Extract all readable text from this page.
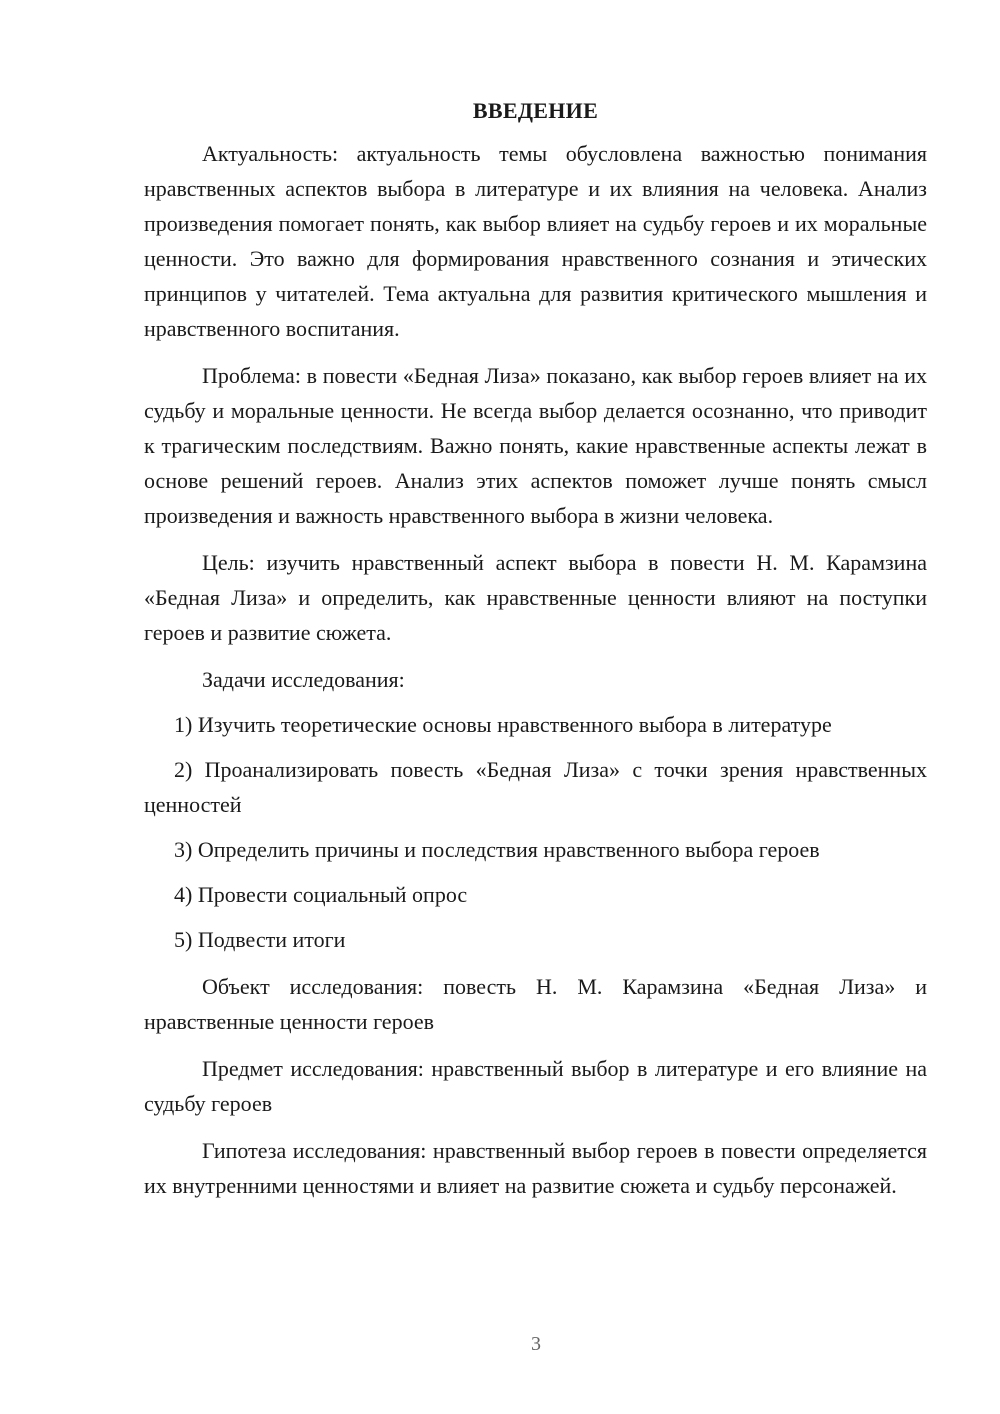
ВВЕДЕНИЕ

Актуальность: актуальность темы обусловлена важностью понимания нравственных аспектов выбора в литературе и их влияния на человека. Анализ произведения помогает понять, как выбор влияет на судьбу героев и их моральные ценности. Это важно для формирования нравственного сознания и этических принципов у читателей. Тема актуальна для развития критического мышления и нравственного воспитания.

Проблема: в повести «Бедная Лиза» показано, как выбор героев влияет на их судьбу и моральные ценности. Не всегда выбор делается осознанно, что приводит к трагическим последствиям. Важно понять, какие нравственные аспекты лежат в основе решений героев. Анализ этих аспектов поможет лучше понять смысл произведения и важность нравственного выбора в жизни человека.

Цель: изучить нравственный аспект выбора в повести Н. М. Карамзина «Бедная Лиза» и определить, как нравственные ценности влияют на поступки героев и развитие сюжета.

Задачи исследования:

1) Изучить теоретические основы нравственного выбора в литературе

2) Проанализировать повесть «Бедная Лиза» с точки зрения нравственных ценностей

3) Определить причины и последствия нравственного выбора героев

4) Провести социальный опрос

5) Подвести итоги

Объект исследования: повесть Н. М. Карамзина «Бедная Лиза» и нравственные ценности героев

Предмет исследования: нравственный выбор в литературе и его влияние на судьбу героев

Гипотеза исследования: нравственный выбор героев в повести определяется их внутренними ценностями и влияет на развитие сюжета и судьбу персонажей.

3
